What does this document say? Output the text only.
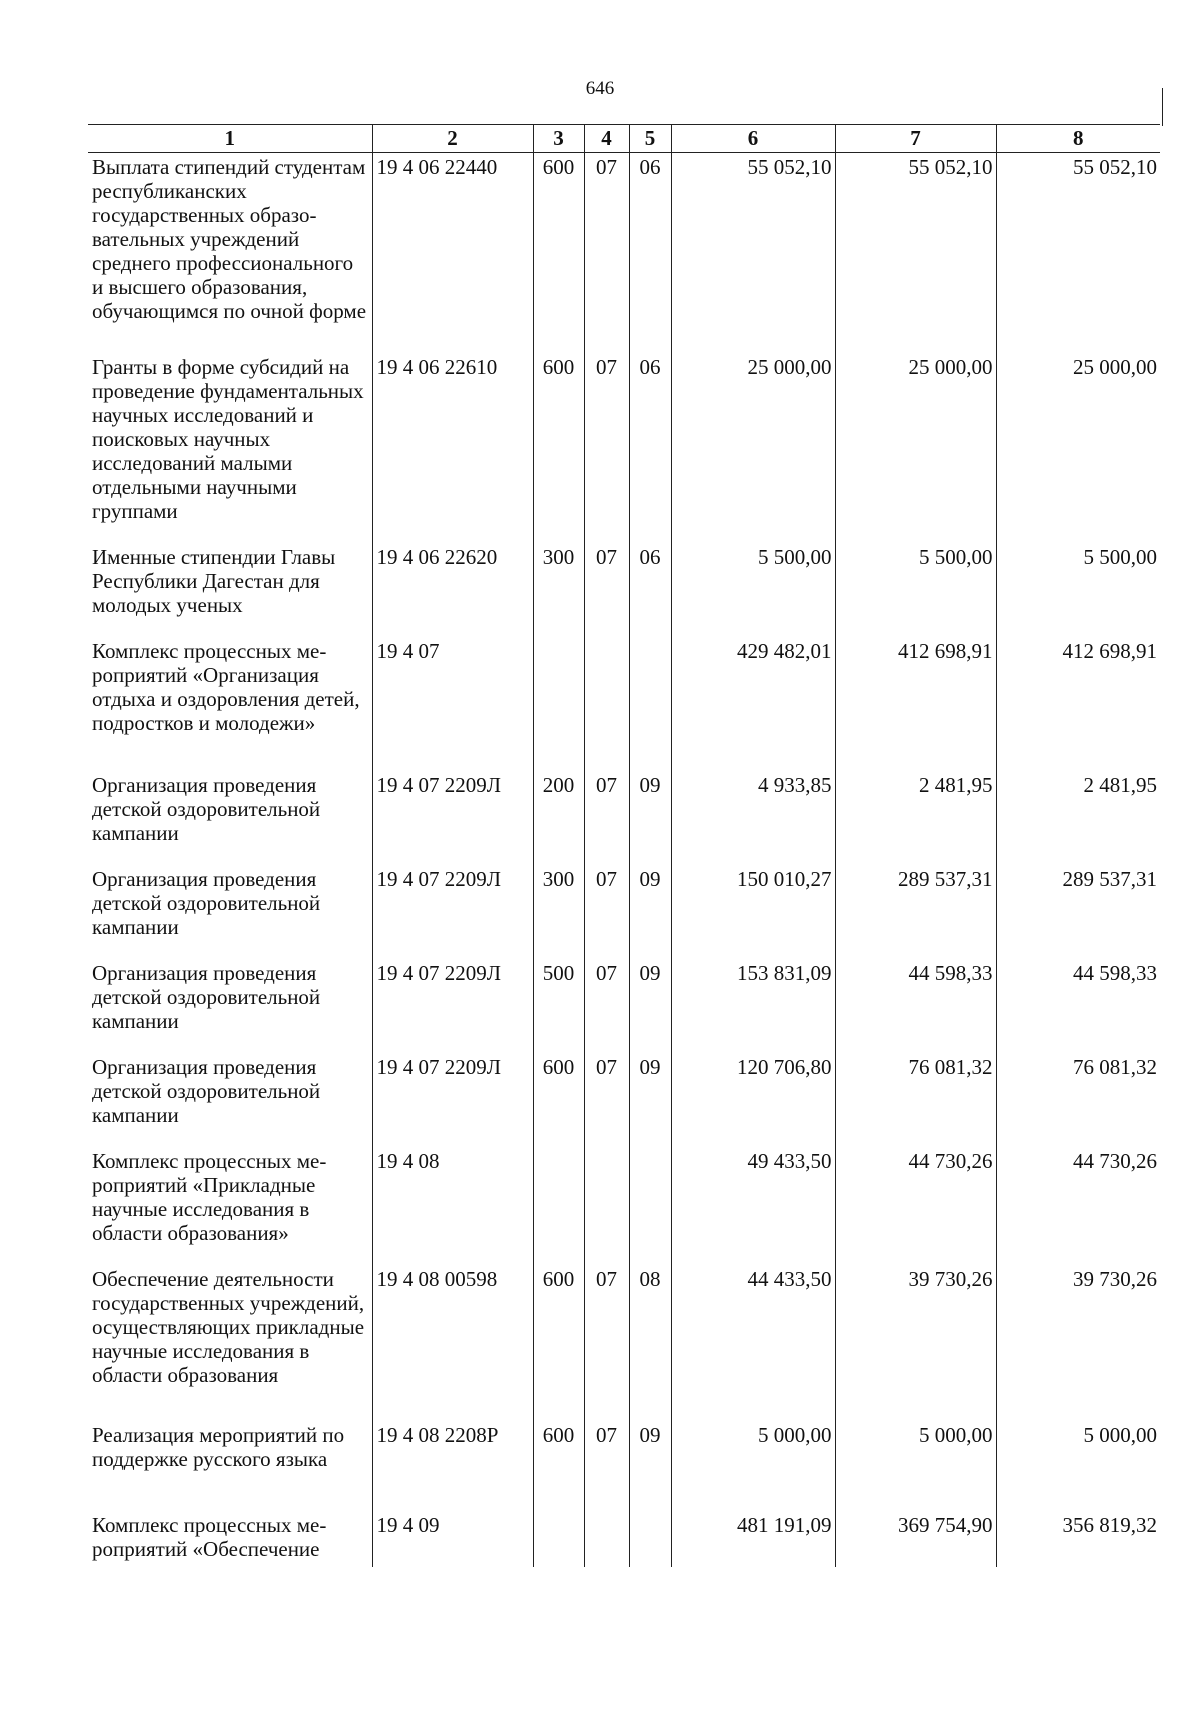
646
1	2	3	4	5	6	7	8
Выплата стипендий студентам республиканских государственных образовательных учреждений среднего профессионального и высшего образования, обучающимся по очной форме	19 4 06 22440	600	07	06	55 052,10	55 052,10	55 052,10
Гранты в форме субсидий на проведение фундаментальных научных исследований и поисковых научных исследований малыми отдельными научными группами	19 4 06 22610	600	07	06	25 000,00	25 000,00	25 000,00
Именные стипендии Главы Республики Дагестан для молодых ученых	19 4 06 22620	300	07	06	5 500,00	5 500,00	5 500,00
Комплекс процессных мероприятий «Организация отдыха и оздоровления детей, подростков и молодежи»	19 4 07				429 482,01	412 698,91	412 698,91
Организация проведения детской оздоровительной кампании	19 4 07 2209Л	200	07	09	4 933,85	2 481,95	2 481,95
Организация проведения детской оздоровительной кампании	19 4 07 2209Л	300	07	09	150 010,27	289 537,31	289 537,31
Организация проведения детской оздоровительной кампании	19 4 07 2209Л	500	07	09	153 831,09	44 598,33	44 598,33
Организация проведения детской оздоровительной кампании	19 4 07 2209Л	600	07	09	120 706,80	76 081,32	76 081,32
Комплекс процессных мероприятий «Прикладные научные исследования в области образования»	19 4 08				49 433,50	44 730,26	44 730,26
Обеспечение деятельности государственных учреждений, осуществляющих прикладные научные исследования в области образования	19 4 08 00598	600	07	08	44 433,50	39 730,26	39 730,26
Реализация мероприятий по поддержке русского языка	19 4 08 2208Р	600	07	09	5 000,00	5 000,00	5 000,00
Комплекс процессных мероприятий «Обеспечение	19 4 09				481 191,09	369 754,90	356 819,32
